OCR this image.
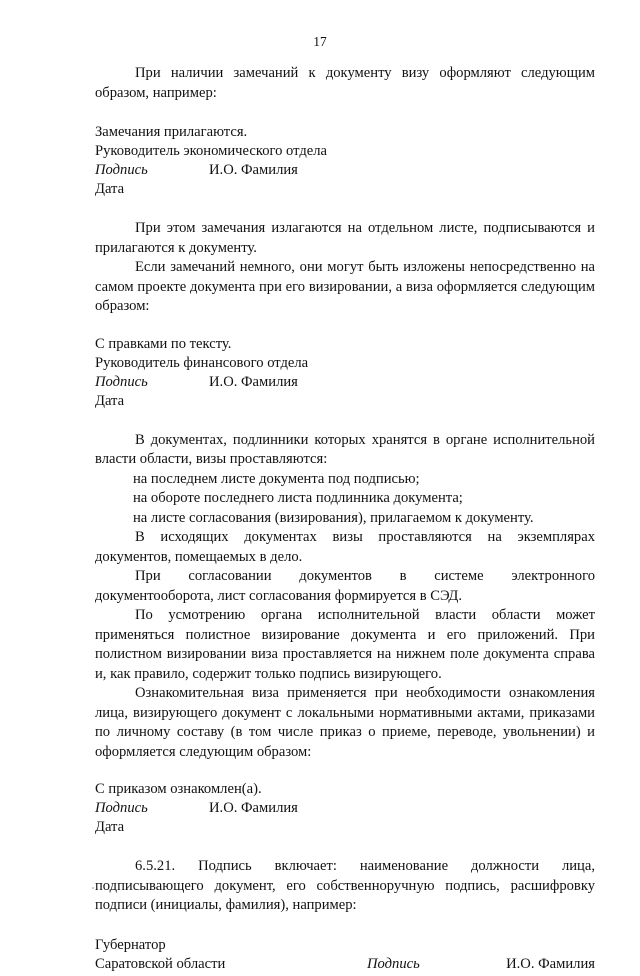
17

При наличии замечаний к документу визу оформляют следующим образом, например:

Замечания прилагаются.

Руководитель экономического отдела

Подпись	И.О. Фамилия

Дата

При этом замечания излагаются на отдельном листе, подписываются и прилагаются к документу.

Если замечаний немного, они могут быть изложены непосредственно на самом проекте документа при его визировании, а виза оформляется следующим образом:

С правками по тексту.

Руководитель финансового отдела

Подпись	И.О. Фамилия

Дата

В документах, подлинники которых хранятся в органе исполнительной власти области, визы проставляются:

на последнем листе документа под подписью;

на обороте последнего листа подлинника документа;

на листе согласования (визирования), прилагаемом к документу.

В исходящих документах визы проставляются на экземплярах документов, помещаемых в дело.

При согласовании документов в системе электронного документооборота, лист согласования формируется в СЭД.

По усмотрению органа исполнительной власти области может применяться полистное визирование документа и его приложений. При полистном визировании виза проставляется на нижнем поле документа справа и, как правило, содержит только подпись визирующего.

Ознакомительная виза применяется при необходимости ознакомления лица, визирующего документ с локальными нормативными актами, приказами по личному составу (в том числе приказ о приеме, переводе, увольнении) и оформляется следующим образом:

С приказом ознакомлен(а).

Подпись	И.О. Фамилия

Дата

6.5.21. Подпись включает: наименование должности лица, подписывающего документ, его собственноручную подпись, расшифровку подписи (инициалы, фамилия), например:

Губернатор

Саратовской области	Подпись	И.О. Фамилия
